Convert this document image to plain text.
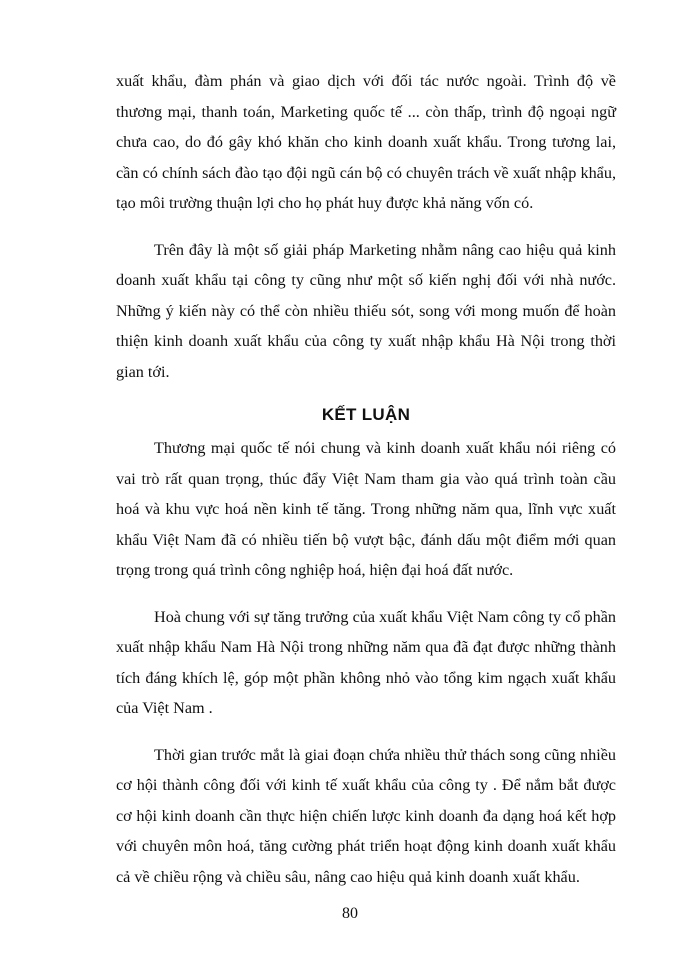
xuất khẩu, đàm phán và giao dịch với đối tác nước ngoài. Trình độ về thương mại, thanh toán, Marketing quốc tế ... còn thấp, trình độ ngoại ngữ chưa cao, do đó gây khó khăn cho kinh doanh xuất khẩu. Trong tương lai, cần có chính sách đào tạo đội ngũ cán bộ có chuyên trách về xuất nhập khẩu, tạo môi trường thuận lợi cho họ phát huy được khả năng vốn có.

Trên đây là một số giải pháp Marketing nhằm nâng cao hiệu quả kinh doanh xuất khẩu tại công ty cũng như một số kiến nghị đối với nhà nước. Những ý kiến này có thể còn nhiều thiếu sót, song với mong muốn để hoàn thiện kinh doanh xuất khẩu của công ty xuất nhập khẩu Hà Nội trong thời gian tới.

KẾT LUẬN

Thương mại quốc tế nói chung và kinh doanh xuất khẩu nói riêng có vai trò rất quan trọng, thúc đẩy Việt Nam tham gia vào quá trình toàn cầu hoá và khu vực hoá nền kinh tế tăng. Trong những năm qua, lĩnh vực xuất khẩu Việt Nam đã có nhiều tiến bộ vượt bậc, đánh dấu một điểm mới quan trọng trong quá trình công nghiệp hoá, hiện đại hoá đất nước.

Hoà chung với sự tăng trưởng của xuất khẩu Việt Nam công ty cổ phần xuất nhập khẩu Nam Hà Nội trong những năm qua đã đạt được những thành tích đáng khích lệ, góp một phần không nhỏ vào tổng kim ngạch xuất khẩu của Việt Nam .

Thời gian trước mắt là giai đoạn chứa nhiều thử thách song cũng nhiều cơ hội thành công đối với kinh tế xuất khẩu của công ty . Để nắm bắt được cơ hội kinh doanh cần thực hiện chiến lược kinh doanh đa dạng hoá kết hợp với chuyên môn hoá, tăng cường phát triển hoạt động kinh doanh xuất khẩu cả về chiều rộng và chiều sâu, nâng cao hiệu quả kinh doanh xuất khẩu.

80
